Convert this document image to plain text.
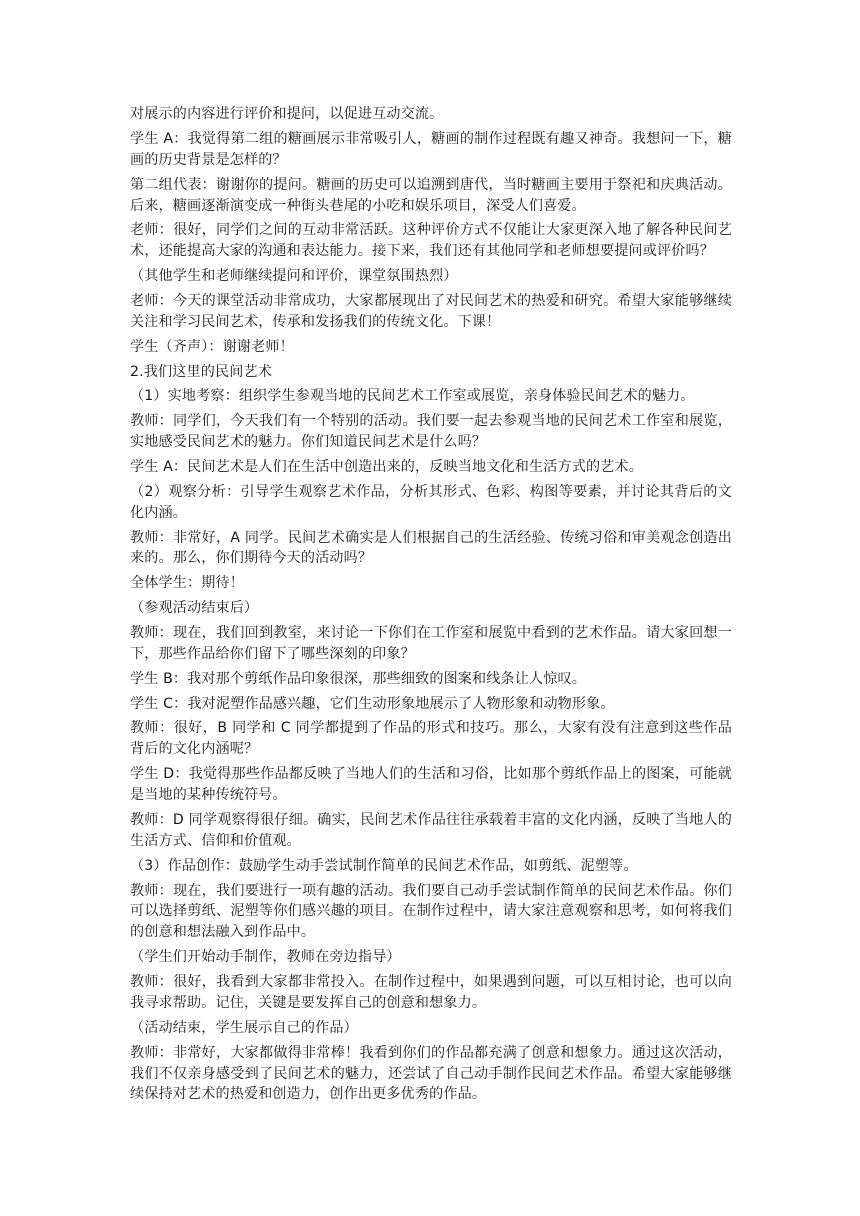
对展示的内容进行评价和提问，以促进互动交流。

学生 A：我觉得第二组的糖画展示非常吸引人，糖画的制作过程既有趣又神奇。我想问一下，糖画的历史背景是怎样的？

第二组代表：谢谢你的提问。糖画的历史可以追溯到唐代，当时糖画主要用于祭祀和庆典活动。后来，糖画逐渐演变成一种街头巷尾的小吃和娱乐项目，深受人们喜爱。

老师：很好，同学们之间的互动非常活跃。这种评价方式不仅能让大家更深入地了解各种民间艺术，还能提高大家的沟通和表达能力。接下来，我们还有其他同学和老师想要提问或评价吗？

（其他学生和老师继续提问和评价，课堂氛围热烈）

老师：今天的课堂活动非常成功，大家都展现出了对民间艺术的热爱和研究。希望大家能够继续关注和学习民间艺术，传承和发扬我们的传统文化。下课！

学生（齐声）：谢谢老师！

2.我们这里的民间艺术

（1）实地考察：组织学生参观当地的民间艺术工作室或展览，亲身体验民间艺术的魅力。

教师：同学们，今天我们有一个特别的活动。我们要一起去参观当地的民间艺术工作室和展览，实地感受民间艺术的魅力。你们知道民间艺术是什么吗？

学生 A：民间艺术是人们在生活中创造出来的，反映当地文化和生活方式的艺术。

（2）观察分析：引导学生观察艺术作品，分析其形式、色彩、构图等要素，并讨论其背后的文化内涵。

教师：非常好，A 同学。民间艺术确实是人们根据自己的生活经验、传统习俗和审美观念创造出来的。那么，你们期待今天的活动吗？

全体学生：期待！

（参观活动结束后）

教师：现在，我们回到教室，来讨论一下你们在工作室和展览中看到的艺术作品。请大家回想一下，那些作品给你们留下了哪些深刻的印象？

学生 B：我对那个剪纸作品印象很深，那些细致的图案和线条让人惊叹。

学生 C：我对泥塑作品感兴趣，它们生动形象地展示了人物形象和动物形象。

教师：很好，B 同学和 C 同学都提到了作品的形式和技巧。那么，大家有没有注意到这些作品背后的文化内涵呢？

学生 D：我觉得那些作品都反映了当地人们的生活和习俗，比如那个剪纸作品上的图案，可能就是当地的某种传统符号。

教师：D 同学观察得很仔细。确实，民间艺术作品往往承载着丰富的文化内涵，反映了当地人的生活方式、信仰和价值观。

（3）作品创作：鼓励学生动手尝试制作简单的民间艺术作品，如剪纸、泥塑等。

教师：现在，我们要进行一项有趣的活动。我们要自己动手尝试制作简单的民间艺术作品。你们可以选择剪纸、泥塑等你们感兴趣的项目。在制作过程中，请大家注意观察和思考，如何将我们的创意和想法融入到作品中。

（学生们开始动手制作，教师在旁边指导）

教师：很好，我看到大家都非常投入。在制作过程中，如果遇到问题，可以互相讨论，也可以向我寻求帮助。记住，关键是要发挥自己的创意和想象力。

（活动结束，学生展示自己的作品）

教师：非常好，大家都做得非常棒！我看到你们的作品都充满了创意和想象力。通过这次活动，我们不仅亲身感受到了民间艺术的魅力，还尝试了自己动手制作民间艺术作品。希望大家能够继续保持对艺术的热爱和创造力，创作出更多优秀的作品。
